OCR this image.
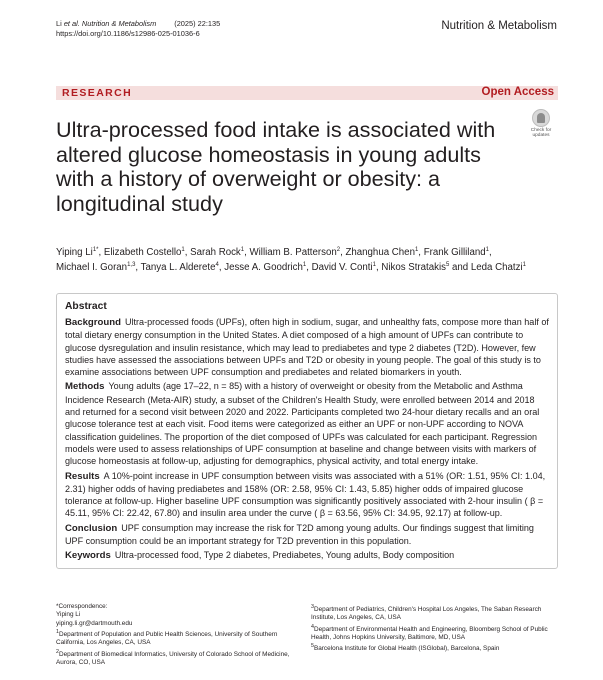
Li et al. Nutrition & Metabolism (2025) 22:135
https://doi.org/10.1186/s12986-025-01036-6
Nutrition & Metabolism
RESEARCH	Open Access
Ultra-processed food intake is associated with altered glucose homeostasis in young adults with a history of overweight or obesity: a longitudinal study
Check for updates
Yiping $Li^{1*}$, Elizabeth Costello$^1$, Sarah Rock$^1$, William B. Patterson$^2$, Zhanghua Chen$^1$, Frank Gilliland$^1$,
Michael I. Goran$^{1,3}$, Tanya L. Alderete$^4$, Jesse A. Goodrich$^1$, David V. Conti$^1$, Nikos Stratakis$^5$ and Leda Chatzi$^1$
Abstract

Background Ultra-processed foods (UPFs), often high in sodium, sugar, and unhealthy fats, compose more than half of total dietary energy consumption in the United States. A diet composed of a high amount of UPFs can contribute to glucose dysregulation and insulin resistance, which may lead to prediabetes and type 2 diabetes (T2D). However, few studies have assessed the associations between UPFs and T2D or obesity in young people. The goal of this study is to examine associations between UPF consumption and prediabetes and related biomarkers in youth.

Methods Young adults (age 17–22, n = 85) with a history of overweight or obesity from the Metabolic and Asthma Incidence Research (Meta-AIR) study, a subset of the Children's Health Study, were enrolled between 2014 and 2018 and returned for a second visit between 2020 and 2022. Participants completed two 24-hour dietary recalls and an oral glucose tolerance test at each visit. Food items were categorized as either an UPF or non-UPF according to NOVA classification guidelines. The proportion of the diet composed of UPFs was calculated for each participant. Regression models were used to assess relationships of UPF consumption at baseline and change between visits with markers of glucose homeostasis at follow-up, adjusting for demographics, physical activity, and total energy intake.

Results A 10%-point increase in UPF consumption between visits was associated with a 51% (OR: 1.51, 95% CI: 1.04, 2.31) higher odds of having prediabetes and 158% (OR: 2.58, 95% CI: 1.43, 5.85) higher odds of impaired glucose tolerance at follow-up. Higher baseline UPF consumption was significantly positively associated with 2-hour insulin ( β = 45.11, 95% CI: 22.42, 67.80) and insulin area under the curve ( β = 63.56, 95% CI: 34.95, 92.17) at follow-up.

Conclusion UPF consumption may increase the risk for T2D among young adults. Our findings suggest that limiting UPF consumption could be an important strategy for T2D prevention in this population.

Keywords Ultra-processed food, Type 2 diabetes, Prediabetes, Young adults, Body composition

*Correspondence:
Yiping Li
yiping.li.gr@dartmouth.edu
$^1$Department of Population and Public Health Sciences, University of Southern California, Los Angeles, CA, USA
$^2$Department of Biomedical Informatics, University of Colorado School of Medicine, Aurora, CO, USA
$^3$Department of Pediatrics, Children's Hospital Los Angeles, The Saban Research Institute, Los Angeles, CA, USA
$^4$Department of Environmental Health and Engineering, Bloomberg School of Public Health, Johns Hopkins University, Baltimore, MD, USA
$^5$Barcelona Institute for Global Health (ISGlobal), Barcelona, Spain
